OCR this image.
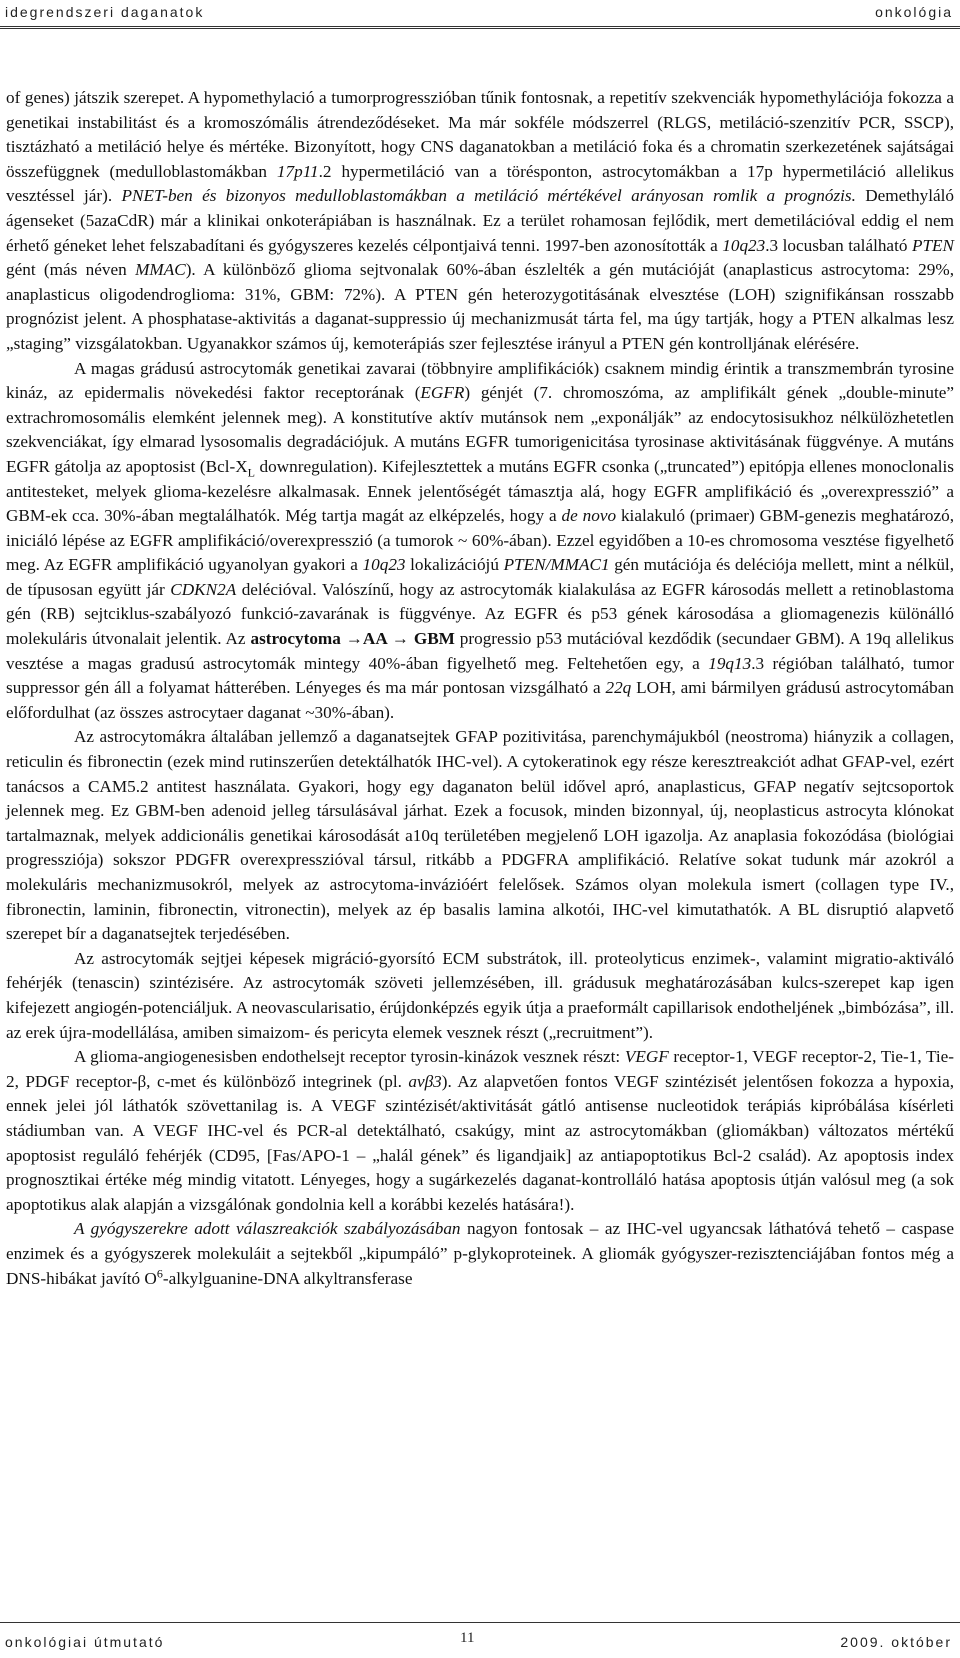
idegrendszeri daganatok	onkológia

of genes) játszik szerepet. A hypomethylació a tumorprogresszióban tűnik fontosnak, a repetitív szekvenciák hypomethylációja fokozza a genetikai instabilitást és a kromoszómális átrendeződéseket. Ma már sokféle módszerrel (RLGS, metiláció-szenzitív PCR, SSCP), tisztázható a metiláció helye és mértéke. Bizonyított, hogy CNS daganatokban a metiláció foka és a chromatin szerkezetének sajátságai összefüggnek (medulloblastomákban 17p11.2 hypermetiláció van a törésponton, astrocytomákban a 17p hypermetiláció allelikus vesztéssel jár). PNET-ben és bizonyos medulloblastomákban a metiláció mértékével arányosan romlik a prognózis. Demethyláló ágenseket (5azaCdR) már a klinikai onkoterápiában is használnak. Ez a terület rohamosan fejlődik, mert demetilációval eddig el nem érhető géneket lehet felszabadítani és gyógyszeres kezelés célpontjaivá tenni. 1997-ben azonosították a 10q23.3 locusban található PTEN gént (más néven MMAC). A különböző glioma sejtvonalak 60%-ában észlelték a gén mutációját (anaplasticus astrocytoma: 29%, anaplasticus oligodendroglioma: 31%, GBM: 72%). A PTEN gén heterozygotitásának elvesztése (LOH) szignifikánsan rosszabb prognózist jelent. A phosphatase-aktivitás a daganat-suppressio új mechanizmusát tárta fel, ma úgy tartják, hogy a PTEN alkalmas lesz „staging” vizsgálatokban. Ugyanakkor számos új, kemoterápiás szer fejlesztése irányul a PTEN gén kontrolljának elérésére.

A magas grádusú astrocytomák genetikai zavarai (többnyire amplifikációk) csaknem mindig érintik a transzmembrán tyrosine kináz, az epidermalis növekedési faktor receptorának (EGFR) génjét (7. chromoszóma, az amplifikált gének „double-minute” extrachromosomális elemként jelennek meg). A konstitutíve aktív mutánsok nem „exponálják” az endocytosisukhoz nélkülözhetetlen szekvenciákat, így elmarad lysosomalis degradációjuk. A mutáns EGFR tumorigenicitása tyrosinase aktivitásának függvénye. A mutáns EGFR gátolja az apoptosist ($Bcl-X_L$ downregulation). Kifejlesztettek a mutáns EGFR csonka („truncated”) epitópja ellenes monoclonalis antitesteket, melyek glioma-kezelésre alkalmasak. Ennek jelentőségét támasztja alá, hogy EGFR amplifikáció és „overexpresszió” a GBM-ek cca. 30%-ában megtalálhatók. Még tartja magát az elképzelés, hogy a de novo kialakuló (primaer) GBM-genezis meghatározó, iniciáló lépése az EGFR amplifikáció/overexpresszió (a tumorok ~ 60%-ában). Ezzel egyidőben a 10-es chromosoma vesztése figyelhető meg. Az EGFR amplifikáció ugyanolyan gyakori a 10q23 lokalizációjú PTEN/MMAC1 gén mutációja és deléciója mellett, mint a nélkül, de típusosan együtt jár CDKN2A delécióval. Valószínű, hogy az astrocytomák kialakulása az EGFR károsodás mellett a retinoblastoma gén (RB) sejtciklus-szabályozó funkció-zavarának is függvénye. Az EGFR és p53 gének károsodása a gliomagenezis különálló molekuláris útvonalait jelentik. Az astrocytoma →AA → GBM progressio p53 mutációval kezdődik (secundaer GBM). A 19q allelikus vesztése a magas gradusú astrocytomák mintegy 40%-ában figyelhető meg. Feltehetően egy, a 19q13.3 régióban található, tumor suppressor gén áll a folyamat hátterében. Lényeges és ma már pontosan vizsgálható a 22q LOH, ami bármilyen grádusú astrocytomában előfordulhat (az összes astrocytaer daganat ~30%-ában).

Az astrocytomákra általában jellemző a daganatsejtek GFAP pozitivitása, parenchymájukból (neostroma) hiányzik a collagen, reticulin és fibronectin (ezek mind rutinszerűen detektálhatók IHC-vel). A cytokeratinok egy része keresztreakciót adhat GFAP-vel, ezért tanácsos a CAM5.2 antitest használata. Gyakori, hogy egy daganaton belül idővel apró, anaplasticus, GFAP negatív sejtcsoportok jelennek meg. Ez GBM-ben adenoid jelleg társulásával járhat. Ezek a focusok, minden bizonnyal, új, neoplasticus astrocyta klónokat tartalmaznak, melyek addicionális genetikai károsodását a10q területében megjelenő LOH igazolja. Az anaplasia fokozódása (biológiai progressziója) sokszor PDGFR overexpresszióval társul, ritkább a PDGFRA amplifikáció. Relatíve sokat tudunk már azokról a molekuláris mechanizmusokról, melyek az astrocytoma-invázióért felelősek. Számos olyan molekula ismert (collagen type IV., fibronectin, laminin, fibronectin, vitronectin), melyek az ép basalis lamina alkotói, IHC-vel kimutathatók. A BL disruptió alapvető szerepet bír a daganatsejtek terjedésében.

Az astrocytomák sejtjei képesek migráció-gyorsító ECM substrátok, ill. proteolyticus enzimek-, valamint migratio-aktiváló fehérjék (tenascin) szintézisére. Az astrocytomák szöveti jellemzésében, ill. grádusuk meghatározásában kulcs-szerepet kap igen kifejezett angiogén-potenciáljuk. A neovascularisatio, érújdonképzés egyik útja a praeformált capillarisok endotheljének „bimbózása”, ill. az erek újra-modellálása, amiben simaizom- és pericyta elemek vesznek részt („recruitment”).

A glioma-angiogenesisben endothelsejt receptor tyrosin-kinázok vesznek részt: VEGF receptor-1, VEGF receptor-2, Tie-1, Tie-2, PDGF receptor-β, c-met és különböző integrinek (pl. avβ3). Az alapvetően fontos VEGF szintézisét jelentősen fokozza a hypoxia, ennek jelei jól láthatók szövettanilag is. A VEGF szintézisét/aktivitását gátló antisense nucleotidok terápiás kipróbálása kísérleti stádiumban van. A VEGF IHC-vel és PCR-al detektálható, csakúgy, mint az astrocytomákban (gliomákban) változatos mértékű apoptosist reguláló fehérjék (CD95, [Fas/APO-1 – „halál gének” és ligandjaik] az antiapoptotikus Bcl-2 család). Az apoptosis index prognosztikai értéke még mindig vitatott. Lényeges, hogy a sugárkezelés daganat-kontrolláló hatása apoptosis útján valósul meg (a sok apoptotikus alak alapján a vizsgálónak gondolnia kell a korábbi kezelés hatására!).

A gyógyszerekre adott válaszreakciók szabályozásában nagyon fontosak – az IHC-vel ugyancsak láthatóvá tehető – caspase enzimek és a gyógyszerek molekuláit a sejtekből „kipumpáló” p-glykoproteinek. A gliomák gyógyszer-rezisztenciájában fontos még a DNS-hibákat javító $O^6-alkylguanine$-DNA alkyltransferase

onkológiai útmutató	11	2009. október
